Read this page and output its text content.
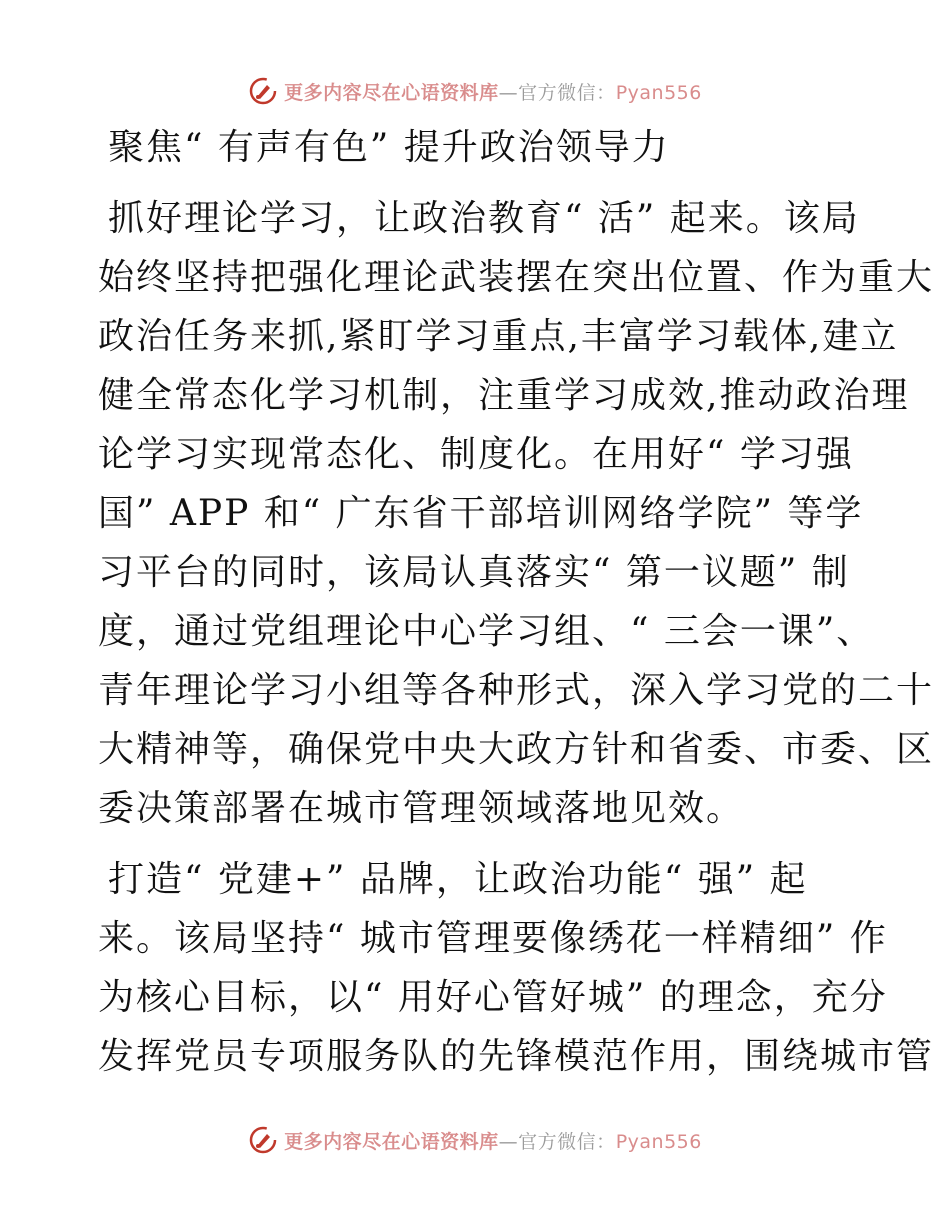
更多内容尽在心语资料库—官方微信：Pyan556
聚焦“ 有声有色” 提升政治领导力
抓好理论学习，让政治教育“ 活” 起来。该局
始终坚持把强化理论武装摆在突出位置、作为重大
政治任务来抓,紧盯学习重点,丰富学习载体,建立
健全常态化学习机制，注重学习成效,推动政治理
论学习实现常态化、制度化。在用好“ 学习强
国” APP 和“ 广东省干部培训网络学院” 等学
习平台的同时，该局认真落实“ 第一议题” 制
度，通过党组理论中心学习组、“ 三会一课”、
青年理论学习小组等各种形式，深入学习党的二十
大精神等，确保党中央大政方针和省委、市委、区
委决策部署在城市管理领域落地见效。
打造“ 党建+” 品牌，让政治功能“ 强” 起
来。该局坚持“ 城市管理要像绣花一样精细” 作
为核心目标，以“ 用好心管好城” 的理念，充分
发挥党员专项服务队的先锋模范作用，围绕城市管
更多内容尽在心语资料库—官方微信：Pyan556
